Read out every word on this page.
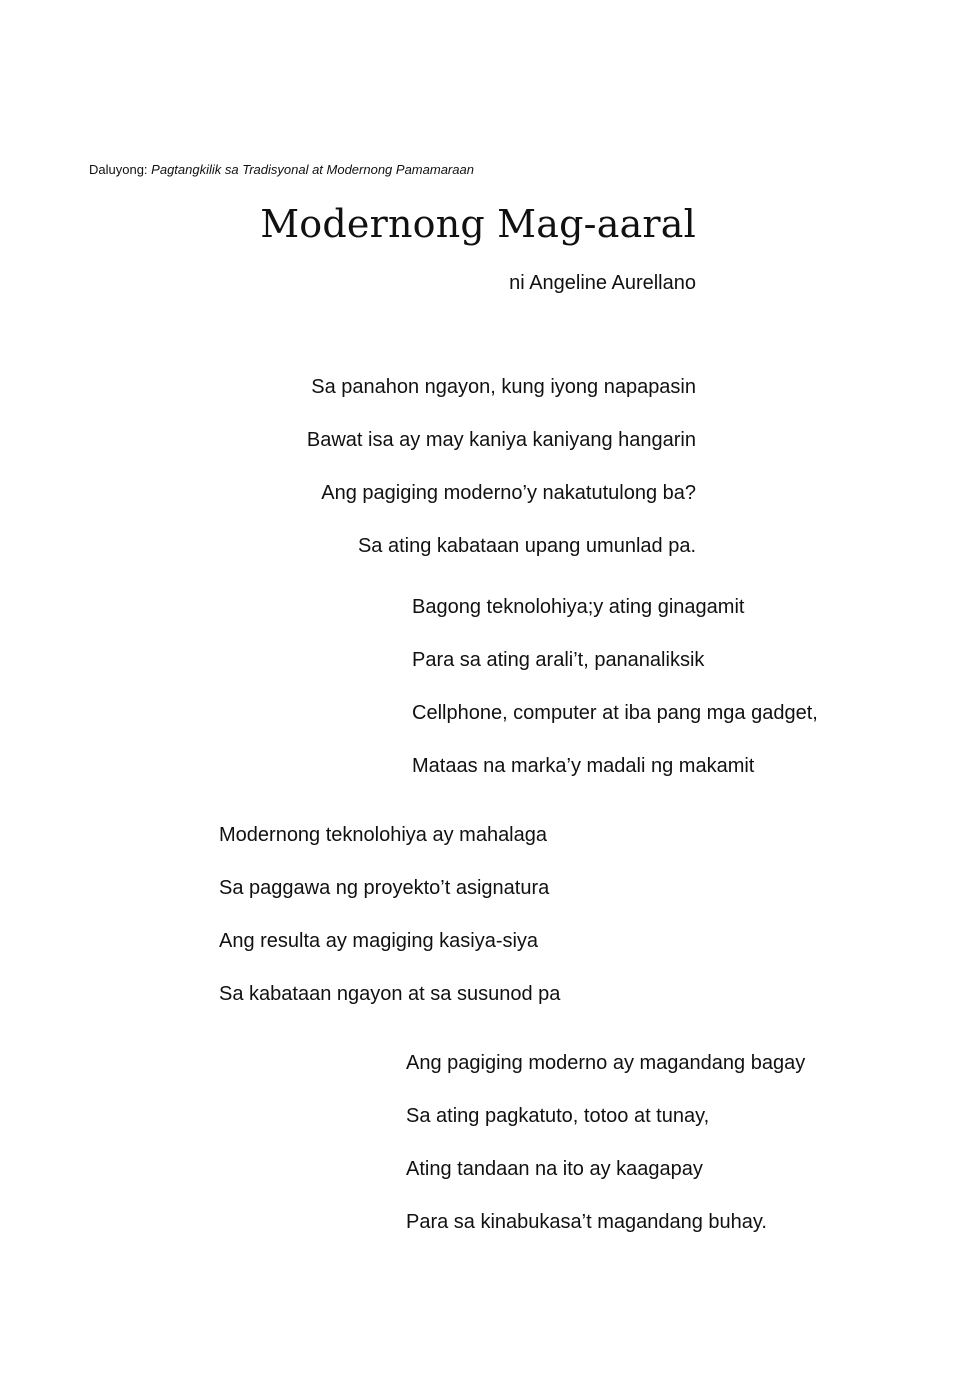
Daluyong: Pagtangkilik sa Tradisyonal at Modernong Pamamaraan
Modernong Mag-aaral
ni Angeline Aurellano
Sa panahon ngayon, kung iyong napapasin
Bawat isa ay may kaniya kaniyang hangarin
Ang pagiging moderno’y nakatutulong ba?
Sa ating kabataan upang umunlad pa.
Bagong teknolohiya;y ating ginagamit
Para sa ating arali’t, pananaliksik
Cellphone, computer at iba pang mga gadget,
Mataas na marka’y madali ng makamit
Modernong teknolohiya ay mahalaga
Sa paggawa ng proyekto’t asignatura
Ang resulta ay magiging kasiya-siya
Sa kabataan ngayon at sa susunod pa
Ang pagiging moderno ay magandang bagay
Sa ating pagkatuto, totoo at tunay,
Ating tandaan na ito ay kaagapay
Para sa kinabukasa’t magandang buhay.
